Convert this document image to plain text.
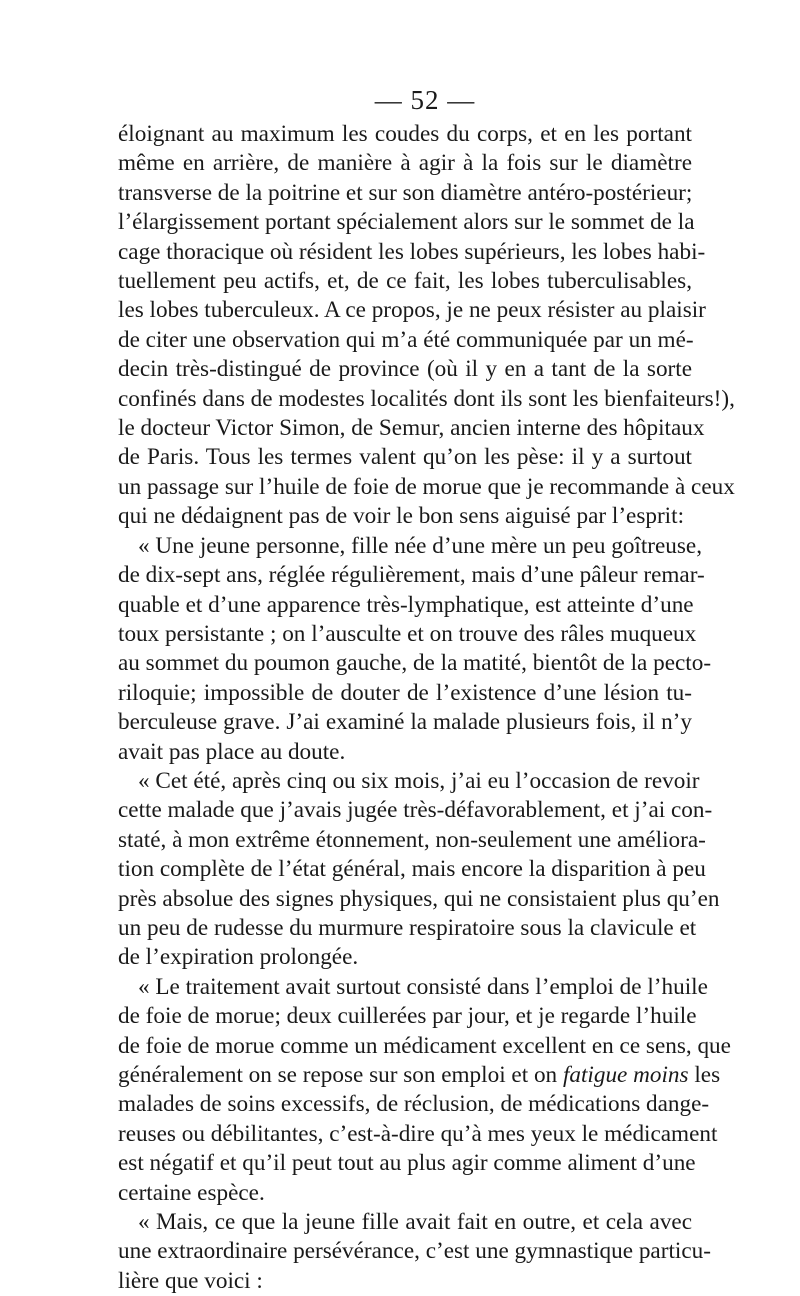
— 52 —
éloignant au maximum les coudes du corps, et en les portant
même en arrière, de manière à agir à la fois sur le diamètre
transverse de la poitrine et sur son diamètre antéro-postérieur;
l’élargissement portant spécialement alors sur le sommet de la
cage thoracique où résident les lobes supérieurs, les lobes habi-
tuellement peu actifs, et, de ce fait, les lobes tuberculisables,
les lobes tuberculeux. A ce propos, je ne peux résister au plaisir
de citer une observation qui m’a été communiquée par un mé-
decin très-distingué de province (où il y en a tant de la sorte
confinés dans de modestes localités dont ils sont les bienfaiteurs!),
le docteur Victor Simon, de Semur, ancien interne des hôpitaux
de Paris. Tous les termes valent qu’on les pèse: il y a surtout
un passage sur l’huile de foie de morue que je recommande à ceux
qui ne dédaignent pas de voir le bon sens aiguisé par l’esprit:
« Une jeune personne, fille née d’une mère un peu goîtreuse,
de dix-sept ans, réglée régulièrement, mais d’une pâleur remar-
quable et d’une apparence très-lymphatique, est atteinte d’une
toux persistante ; on l’ausculte et on trouve des râles muqueux
au sommet du poumon gauche, de la matité, bientôt de la pecto-
riloquie; impossible de douter de l’existence d’une lésion tu-
berculeuse grave. J’ai examiné la malade plusieurs fois, il n’y
avait pas place au doute.
« Cet été, après cinq ou six mois, j’ai eu l’occasion de revoir
cette malade que j’avais jugée très-défavorablement, et j’ai con-
staté, à mon extrême étonnement, non-seulement une améliora-
tion complète de l’état général, mais encore la disparition à peu
près absolue des signes physiques, qui ne consistaient plus qu’en
un peu de rudesse du murmure respiratoire sous la clavicule et
de l’expiration prolongée.
« Le traitement avait surtout consisté dans l’emploi de l’huile
de foie de morue; deux cuillerées par jour, et je regarde l’huile
de foie de morue comme un médicament excellent en ce sens, que
généralement on se repose sur son emploi et on fatigue moins les
malades de soins excessifs, de réclusion, de médications dange-
reuses ou débilitantes, c’est-à-dire qu’à mes yeux le médicament
est négatif et qu’il peut tout au plus agir comme aliment d’une
certaine espèce.
« Mais, ce que la jeune fille avait fait en outre, et cela avec
une extraordinaire persévérance, c’est une gymnastique particu-
lière que voici :
